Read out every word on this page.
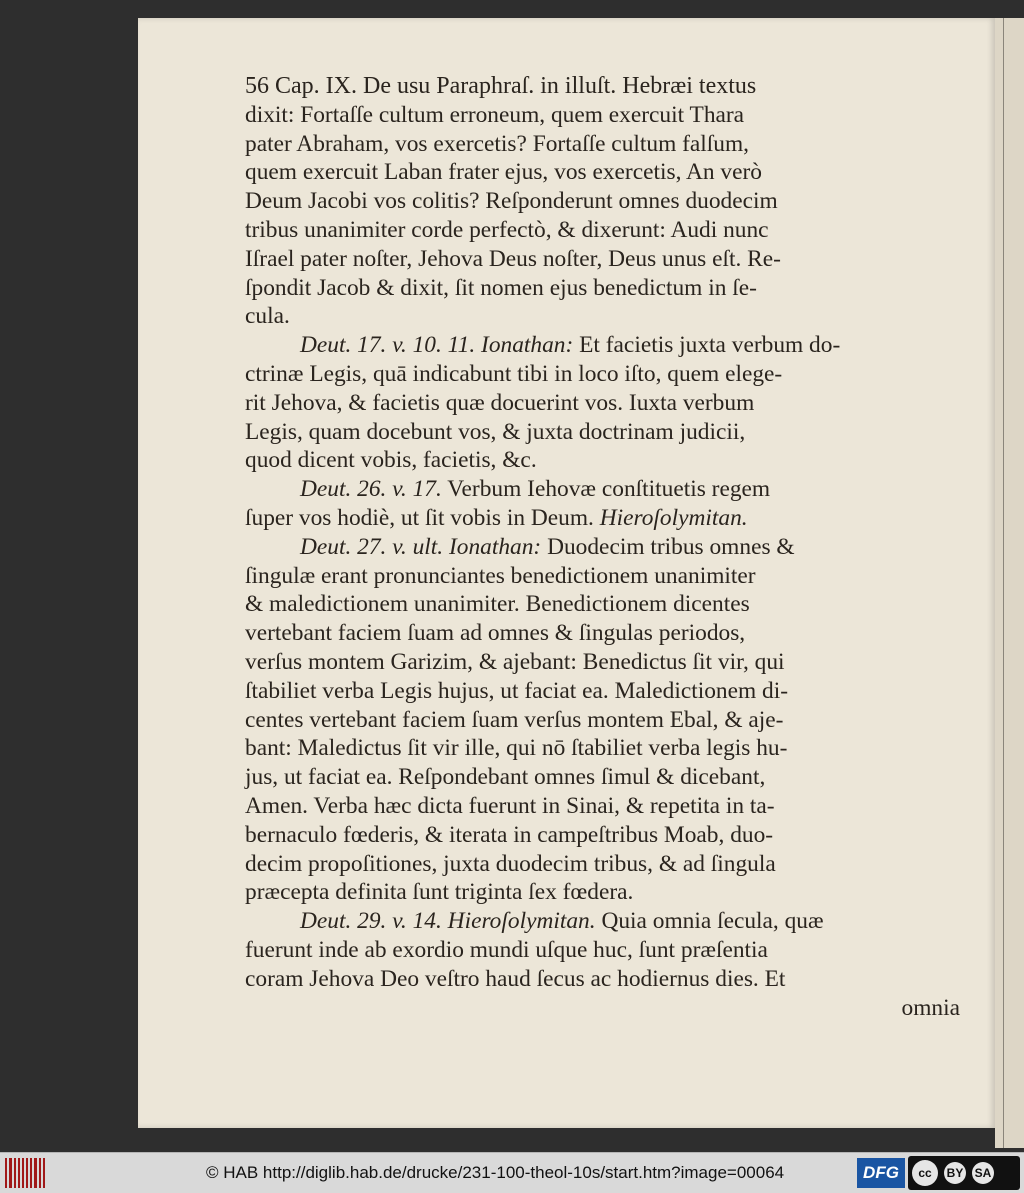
56 Cap. IX. De usu Paraphraſ. in illuſt. Hebræi textus
dixit: Fortaſſe cultum erroneum, quem exercuit Thara
pater Abraham, vos exercetis? Fortaſſe cultum falſum,
quem exercuit Laban frater ejus, vos exercetis, An verò
Deum Jacobi vos colitis? Reſponderunt omnes duodecim
tribus unanimiter corde perfectò, & dixerunt: Audi nunc
Iſrael pater noſter, Jehova Deus noſter, Deus unus eſt. Re-
ſpondit Jacob & dixit, ſit nomen ejus benedictum in ſe-
cula.
Deut. 17. v. 10. 11. Ionathan: Et facietis juxta verbum do-
ctrinæ Legis, quā indicabunt tibi in loco iſto, quem elege-
rit Jehova, & facietis quæ docuerint vos. Iuxta verbum
Legis, quam docebunt vos, & juxta doctrinam judicii,
quod dicent vobis, facietis, &c.
Deut. 26. v. 17. Verbum Iehovæ conſtituetis regem
ſuper vos hodiè, ut ſit vobis in Deum. Hieroſolymitan.
Deut. 27. v. ult. Ionathan: Duodecim tribus omnes &
ſingulæ erant pronunciantes benedictionem unanimiter
& maledictionem unanimiter. Benedictionem dicentes
vertebant faciem ſuam ad omnes & ſingulas periodos,
verſus montem Garizim, & ajebant: Benedictus ſit vir, qui
ſtabiliet verba Legis hujus, ut faciat ea. Maledictionem di-
centes vertebant faciem ſuam verſus montem Ebal, & aje-
bant: Maledictus ſit vir ille, qui nō ſtabiliet verba legis hu-
jus, ut faciat ea. Reſpondebant omnes ſimul & dicebant,
Amen. Verba hæc dicta fuerunt in Sinai, & repetita in ta-
bernaculo fœderis, & iterata in campeſtribus Moab, duo-
decim propoſitiones, juxta duodecim tribus, & ad ſingula
præcepta definita ſunt triginta ſex fœdera.
Deut. 29. v. 14. Hieroſolymitan. Quia omnia ſecula, quæ
fuerunt inde ab exordio mundi uſque huc, ſunt præſentia
coram Jehova Deo veſtro haud ſecus ac hodiernus dies. Et
omnia
© HAB http://diglib.hab.de/drucke/231-100-theol-10s/start.htm?image=00064	DFG	cc	BY SA
